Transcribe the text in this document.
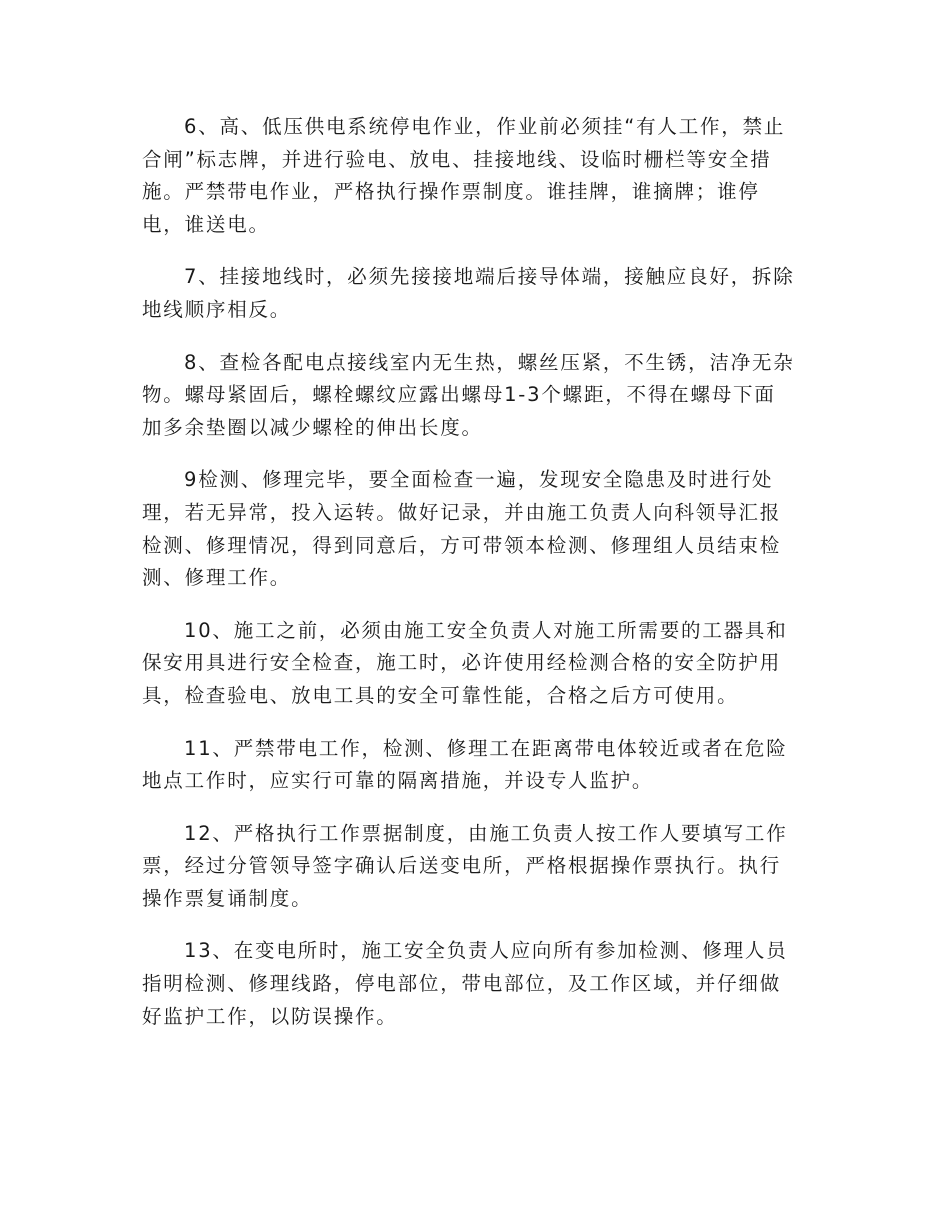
6、高、低压供电系统停电作业，作业前必须挂“有人工作，禁止
合闸”标志牌，并进行验电、放电、挂接地线、设临时栅栏等安全措
施。严禁带电作业，严格执行操作票制度。谁挂牌，谁摘牌；谁停
电，谁送电。

7、挂接地线时，必须先接接地端后接导体端，接触应良好，拆除
地线顺序相反。

8、查检各配电点接线室内无生热，螺丝压紧，不生锈，洁净无杂
物。螺母紧固后，螺栓螺纹应露出螺母1-3个螺距，不得在螺母下面
加多余垫圈以减少螺栓的伸出长度。

9检测、修理完毕，要全面检查一遍，发现安全隐患及时进行处
理，若无异常，投入运转。做好记录，并由施工负责人向科领导汇报
检测、修理情况，得到同意后，方可带领本检测、修理组人员结束检
测、修理工作。

10、施工之前，必须由施工安全负责人对施工所需要的工器具和
保安用具进行安全检查，施工时，必许使用经检测合格的安全防护用
具，检查验电、放电工具的安全可靠性能，合格之后方可使用。

11、严禁带电工作，检测、修理工在距离带电体较近或者在危险
地点工作时，应实行可靠的隔离措施，并设专人监护。

12、严格执行工作票据制度，由施工负责人按工作人要填写工作
票，经过分管领导签字确认后送变电所，严格根据操作票执行。执行
操作票复诵制度。

13、在变电所时，施工安全负责人应向所有参加检测、修理人员
指明检测、修理线路，停电部位，带电部位，及工作区域，并仔细做
好监护工作，以防误操作。
